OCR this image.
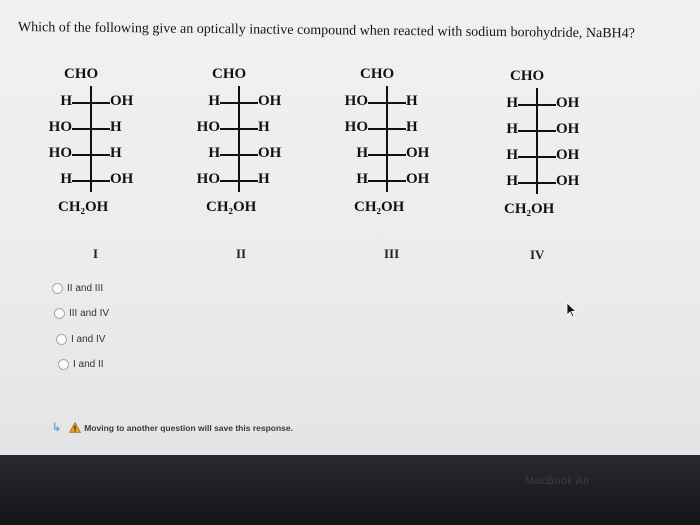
Which of the following give an optically inactive compound when reacted with sodium borohydride, NaBH4?
CHO
H	OH
HO	H
HO	H
H	OH
CH₂OH
I
CHO
H	OH
HO	H
H	OH
HO	H
CH₂OH
II
CHO
HO	H
HO	H
H	OH
H	OH
CH₂OH
III
CHO
H	OH
H	OH
H	OH
H	OH
CH₂OH
IV
II and III
III and IV
I and IV
I and II
↳	Moving to another question will save this response.
MacBook Air
